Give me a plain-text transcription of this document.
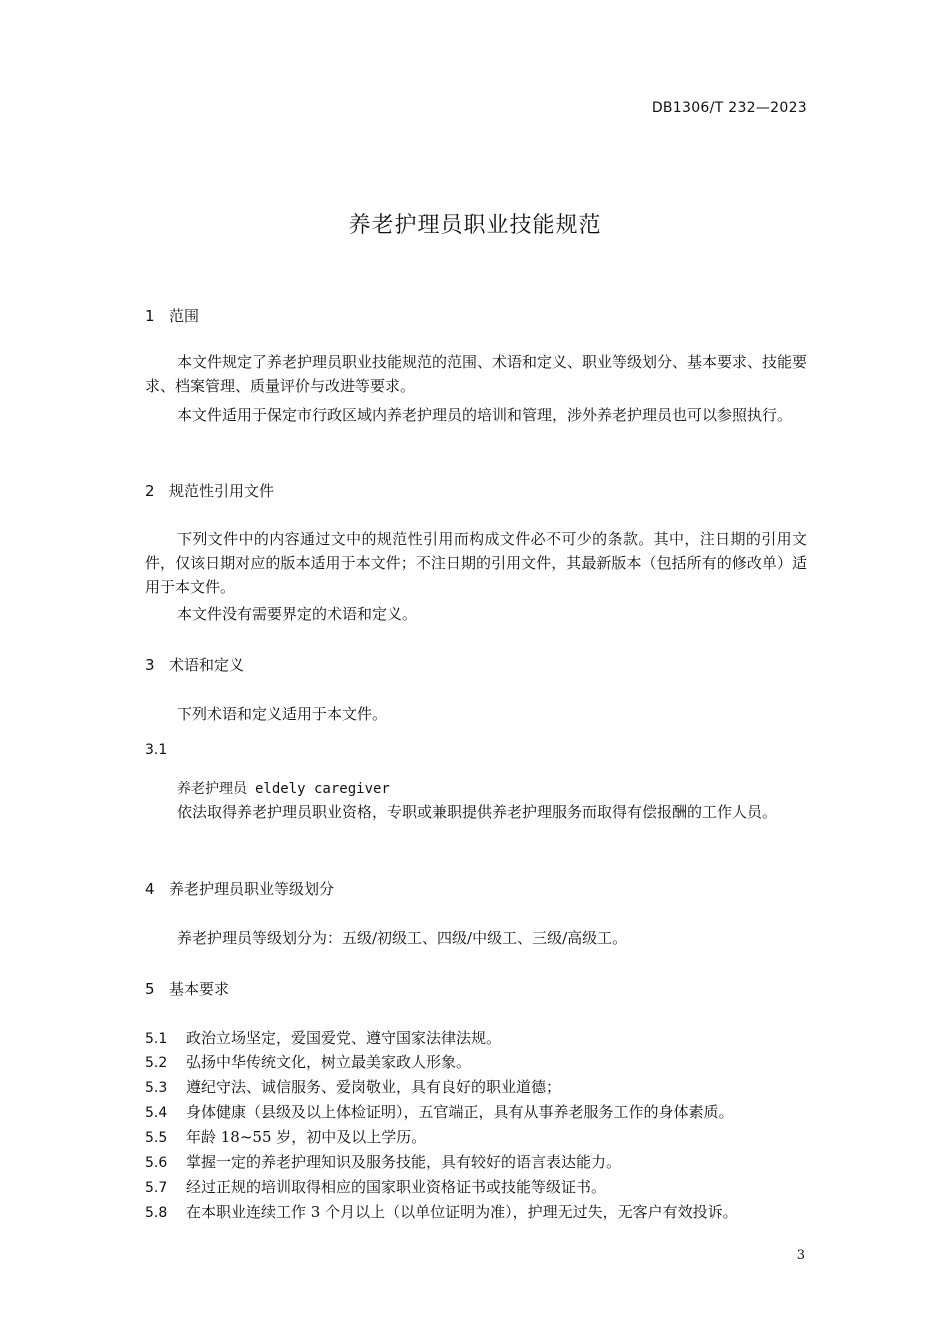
DB1306/T 232—2023
养老护理员职业技能规范
1 范围
本文件规定了养老护理员职业技能规范的范围、术语和定义、职业等级划分、基本要求、技能要求、档案管理、质量评价与改进等要求。
本文件适用于保定市行政区域内养老护理员的培训和管理，涉外养老护理员也可以参照执行。
2 规范性引用文件
下列文件中的内容通过文中的规范性引用而构成文件必不可少的条款。其中，注日期的引用文件，仅该日期对应的版本适用于本文件；不注日期的引用文件，其最新版本（包括所有的修改单）适用于本文件。
本文件没有需要界定的术语和定义。
3 术语和定义
下列术语和定义适用于本文件。
3.1
养老护理员 eldely caregiver
依法取得养老护理员职业资格，专职或兼职提供养老护理服务而取得有偿报酬的工作人员。
4 养老护理员职业等级划分
养老护理员等级划分为：五级/初级工、四级/中级工、三级/高级工。
5 基本要求
5.1 政治立场坚定，爱国爱党、遵守国家法律法规。
5.2 弘扬中华传统文化，树立最美家政人形象。
5.3 遵纪守法、诚信服务、爱岗敬业，具有良好的职业道德；
5.4 身体健康（县级及以上体检证明），五官端正，具有从事养老服务工作的身体素质。
5.5 年龄 18~55 岁，初中及以上学历。
5.6 掌握一定的养老护理知识及服务技能，具有较好的语言表达能力。
5.7 经过正规的培训取得相应的国家职业资格证书或技能等级证书。
5.8 在本职业连续工作 3 个月以上（以单位证明为准），护理无过失，无客户有效投诉。
3
